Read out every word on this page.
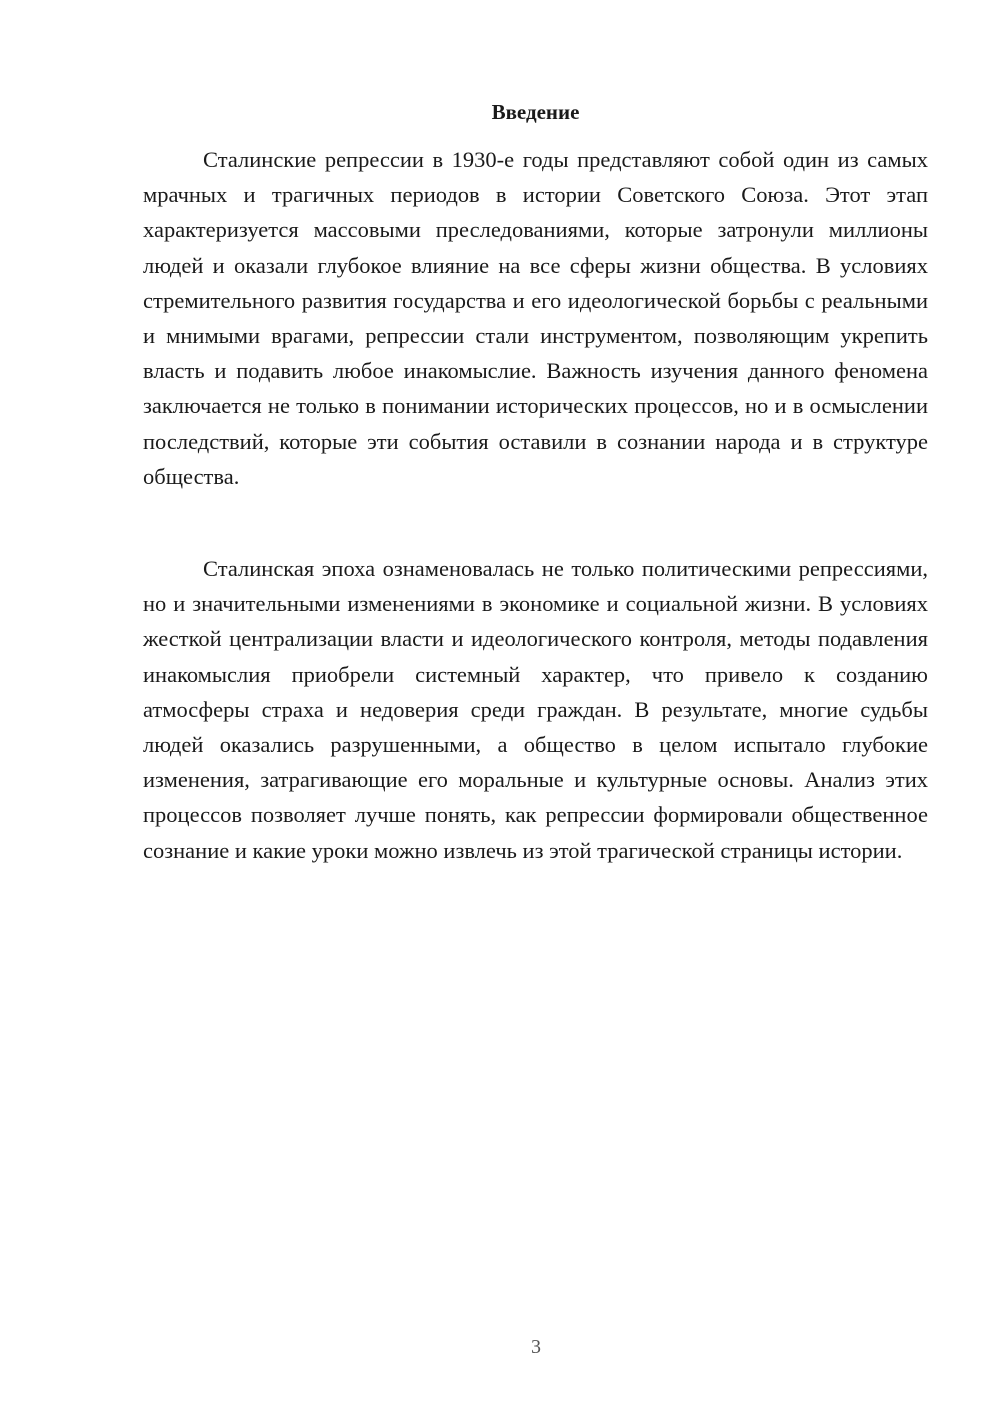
Введение

Сталинские репрессии в 1930-е годы представляют собой один из самых мрачных и трагичных периодов в истории Советского Союза. Этот этап характеризуется массовыми преследованиями, которые затронули миллионы людей и оказали глубокое влияние на все сферы жизни общества. В условиях стремительного развития государства и его идеологической борьбы с реальными и мнимыми врагами, репрессии стали инструментом, позволяющим укрепить власть и подавить любое инакомыслие. Важность изучения данного феномена заключается не только в понимании исторических процессов, но и в осмыслении последствий, которые эти события оставили в сознании народа и в структуре общества.

Сталинская эпоха ознаменовалась не только политическими репрессиями, но и значительными изменениями в экономике и социальной жизни. В условиях жесткой централизации власти и идеологического контроля, методы подавления инакомыслия приобрели системный характер, что привело к созданию атмосферы страха и недоверия среди граждан. В результате, многие судьбы людей оказались разрушенными, а общество в целом испытало глубокие изменения, затрагивающие его моральные и культурные основы. Анализ этих процессов позволяет лучше понять, как репрессии формировали общественное сознание и какие уроки можно извлечь из этой трагической страницы истории.

3
